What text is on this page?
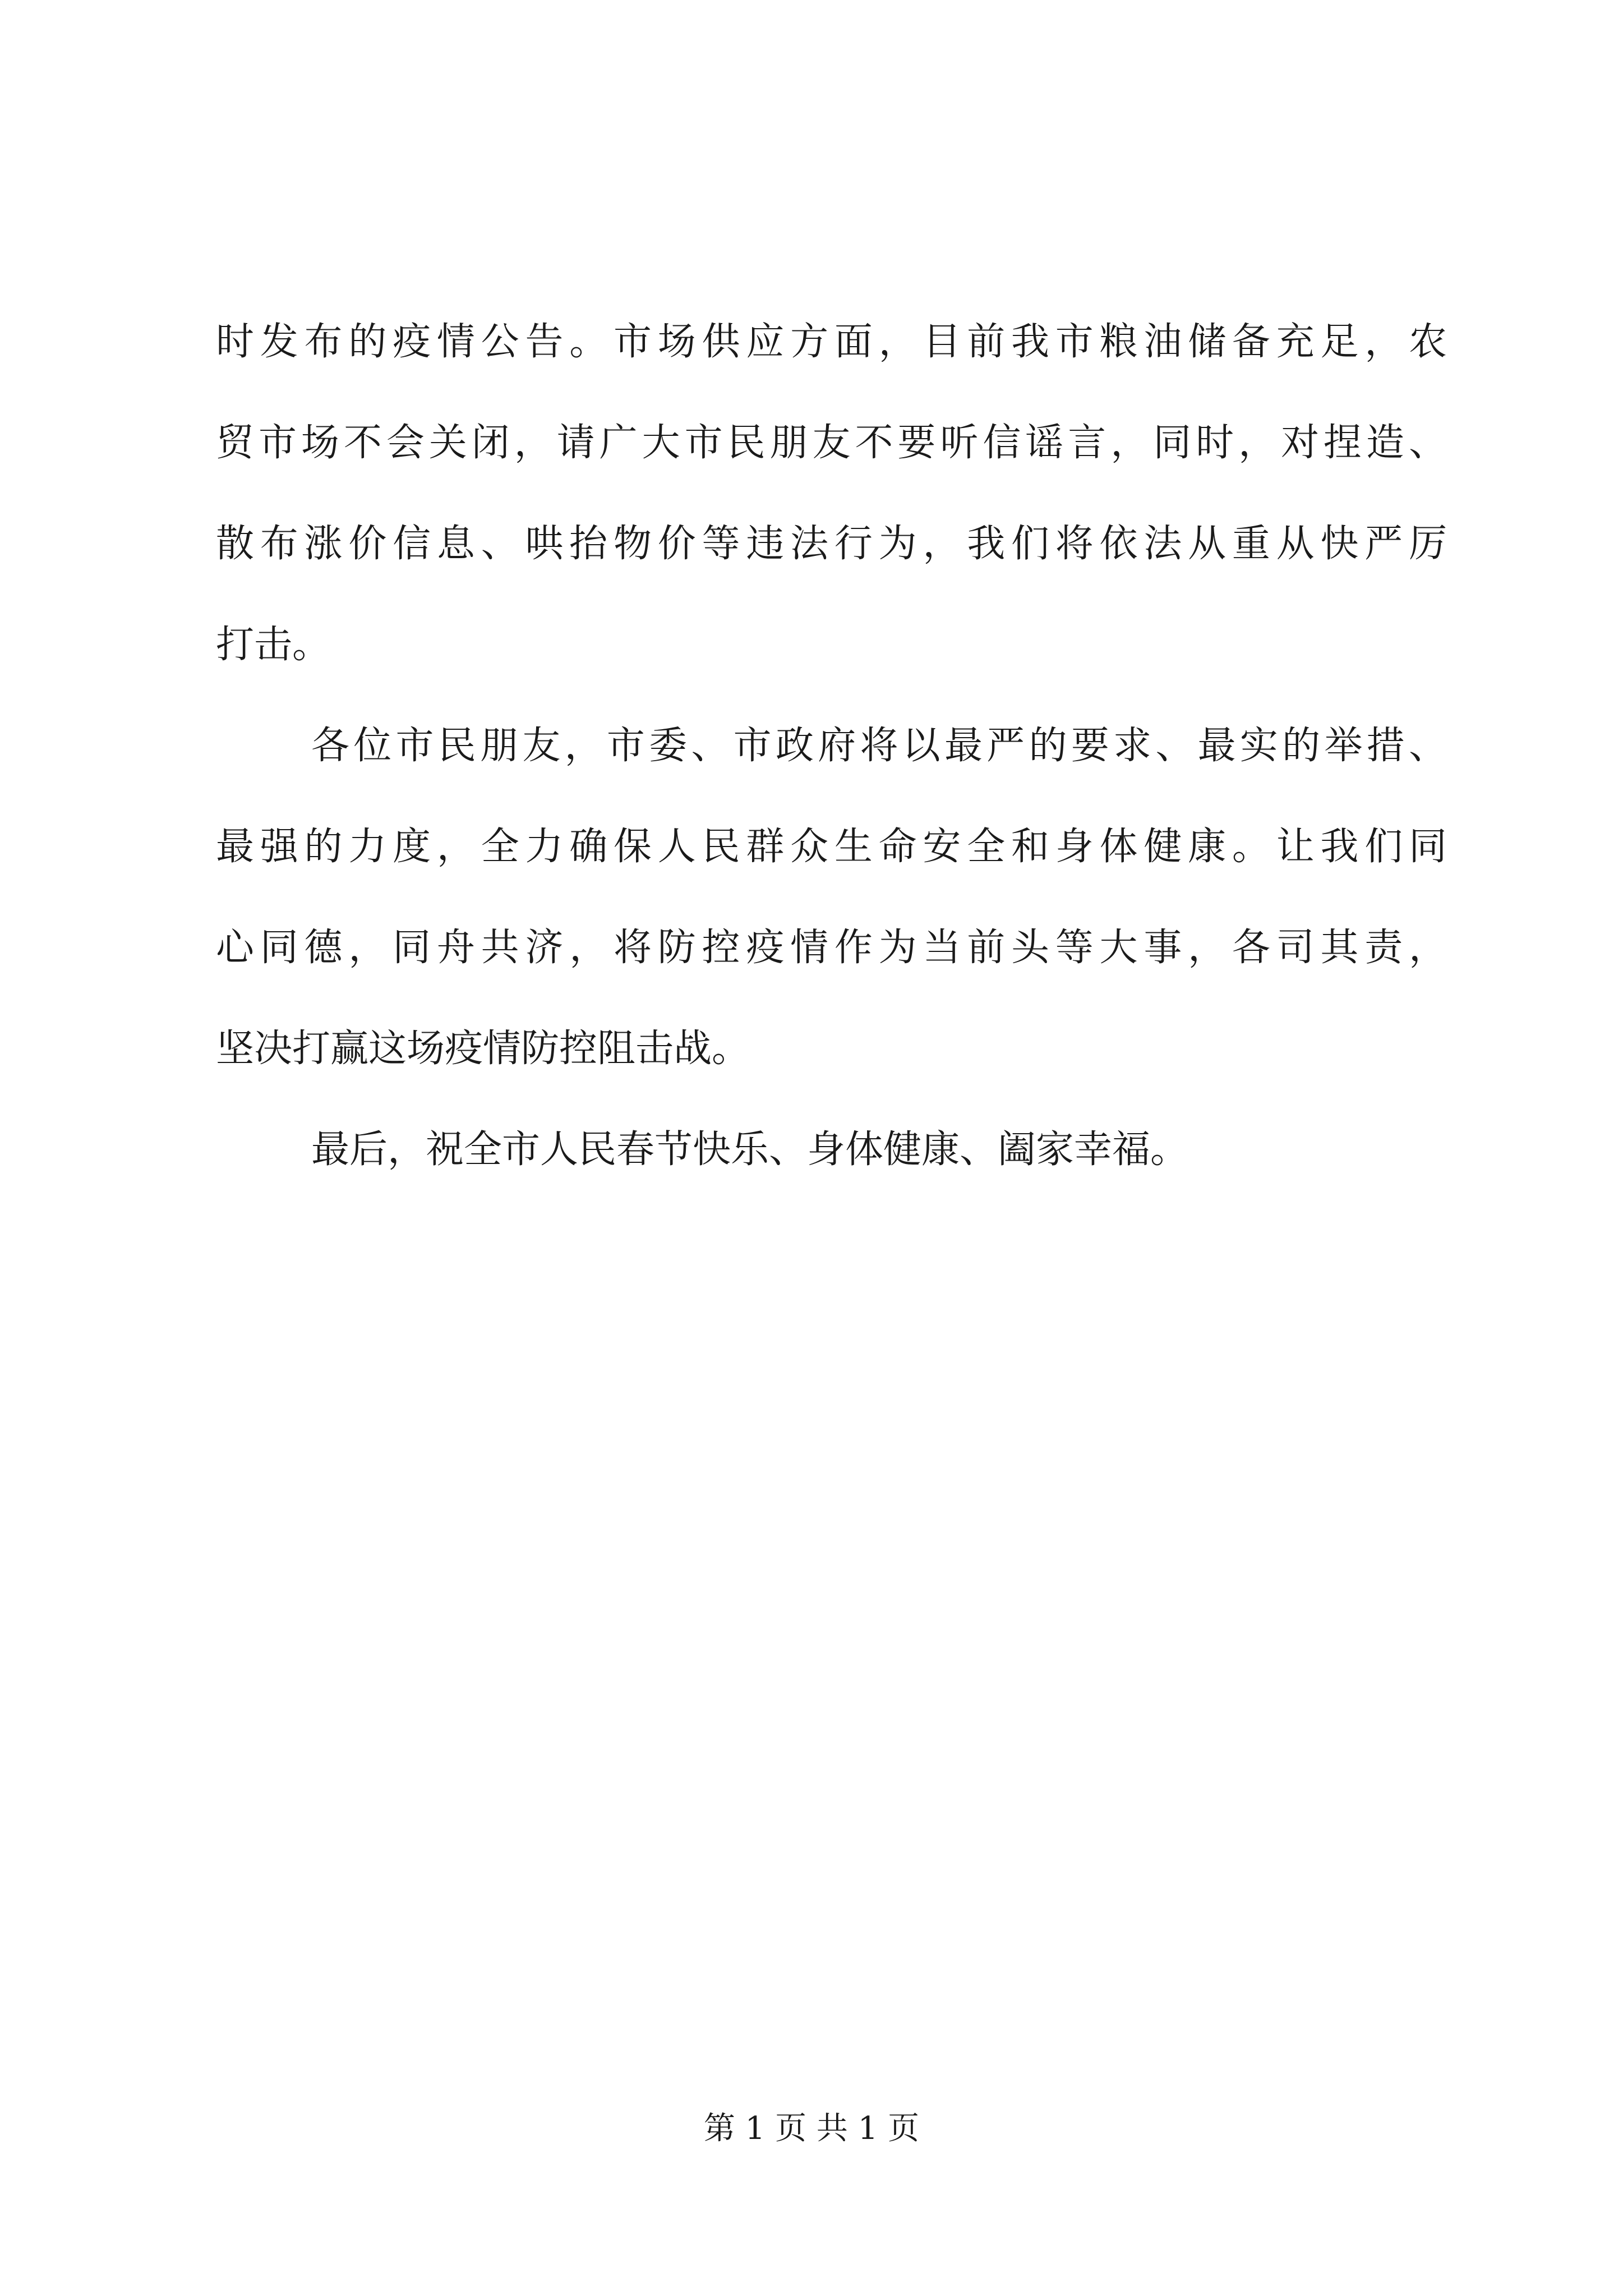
时发布的疫情公告。市场供应方面，目前我市粮油储备充足，农
贸市场不会关闭，请广大市民朋友不要听信谣言，同时，对捏造、
散布涨价信息、哄抬物价等违法行为，我们将依法从重从快严厉
打击。
各位市民朋友，市委、市政府将以最严的要求、最实的举措、
最强的力度，全力确保人民群众生命安全和身体健康。让我们同
心同德，同舟共济，将防控疫情作为当前头等大事，各司其责，
坚决打赢这场疫情防控阻击战。
最后，祝全市人民春节快乐、身体健康、阖家幸福。
第 1 页 共 1 页
